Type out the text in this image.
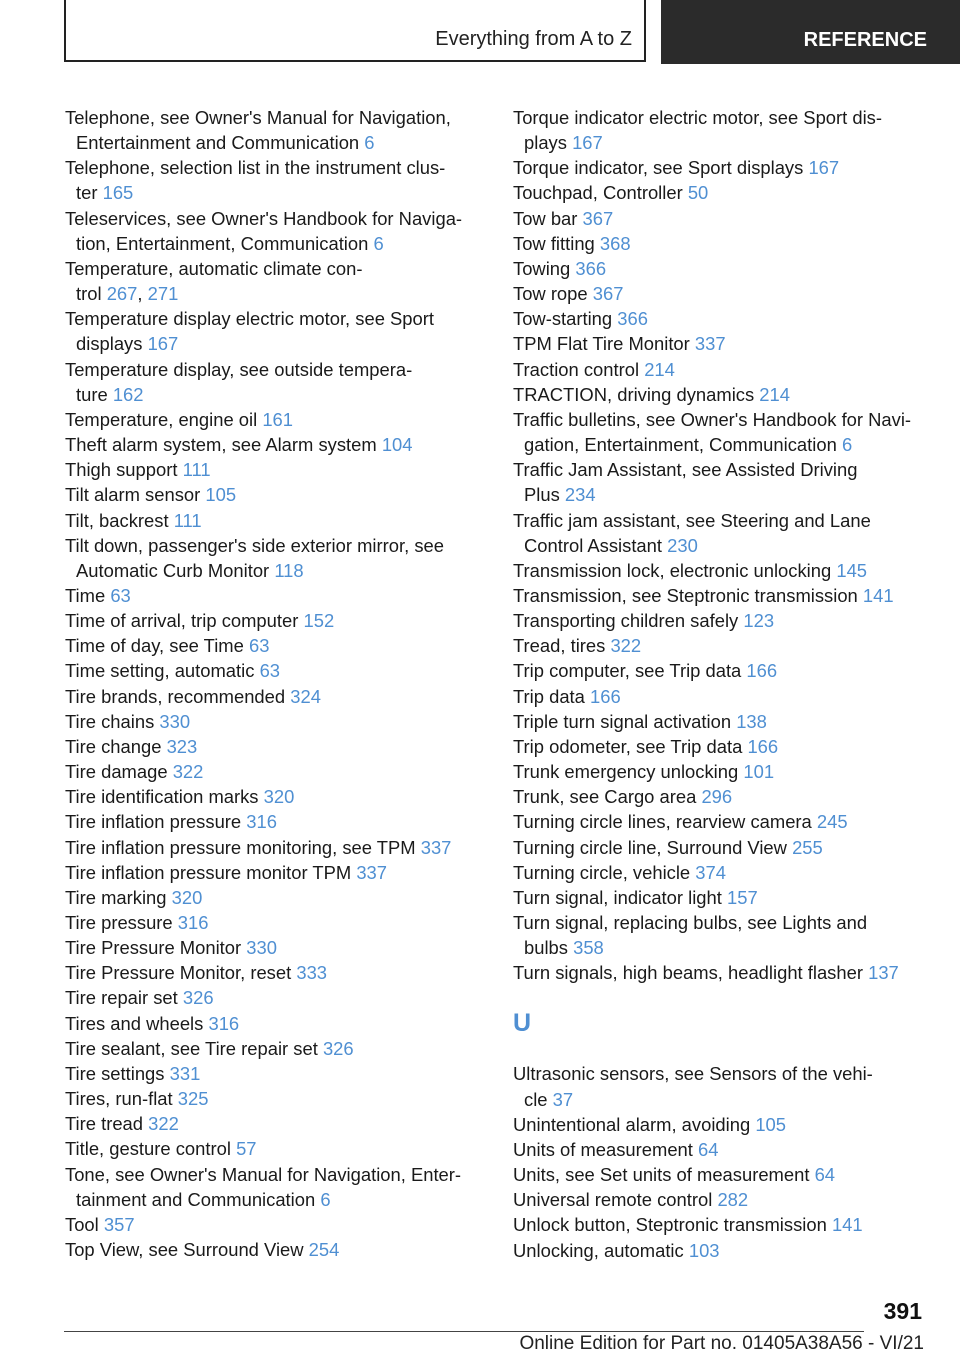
Everything from A to Z	REFERENCE
Telephone, see Owner's Manual for Navigation,
Entertainment and Communication 6
Telephone, selection list in the instrument clus-
ter 165
Teleservices, see Owner's Handbook for Naviga-
tion, Entertainment, Communication 6
Temperature, automatic climate con-
trol 267, 271
Temperature display electric motor, see Sport
displays 167
Temperature display, see outside tempera-
ture 162
Temperature, engine oil 161
Theft alarm system, see Alarm system 104
Thigh support 111
Tilt alarm sensor 105
Tilt, backrest 111
Tilt down, passenger's side exterior mirror, see
Automatic Curb Monitor 118
Time 63
Time of arrival, trip computer 152
Time of day, see Time 63
Time setting, automatic 63
Tire brands, recommended 324
Tire chains 330
Tire change 323
Tire damage 322
Tire identification marks 320
Tire inflation pressure 316
Tire inflation pressure monitoring, see TPM 337
Tire inflation pressure monitor TPM 337
Tire marking 320
Tire pressure 316
Tire Pressure Monitor 330
Tire Pressure Monitor, reset 333
Tire repair set 326
Tires and wheels 316
Tire sealant, see Tire repair set 326
Tire settings 331
Tires, run-flat 325
Tire tread 322
Title, gesture control 57
Tone, see Owner's Manual for Navigation, Enter-
tainment and Communication 6
Tool 357
Top View, see Surround View 254
Torque indicator electric motor, see Sport dis-
plays 167
Torque indicator, see Sport displays 167
Touchpad, Controller 50
Tow bar 367
Tow fitting 368
Towing 366
Tow rope 367
Tow-starting 366
TPM Flat Tire Monitor 337
Traction control 214
TRACTION, driving dynamics 214
Traffic bulletins, see Owner's Handbook for Navi-
gation, Entertainment, Communication 6
Traffic Jam Assistant, see Assisted Driving
Plus 234
Traffic jam assistant, see Steering and Lane
Control Assistant 230
Transmission lock, electronic unlocking 145
Transmission, see Steptronic transmission 141
Transporting children safely 123
Tread, tires 322
Trip computer, see Trip data 166
Trip data 166
Triple turn signal activation 138
Trip odometer, see Trip data 166
Trunk emergency unlocking 101
Trunk, see Cargo area 296
Turning circle lines, rearview camera 245
Turning circle line, Surround View 255
Turning circle, vehicle 374
Turn signal, indicator light 157
Turn signal, replacing bulbs, see Lights and
bulbs 358
Turn signals, high beams, headlight flasher 137
U
Ultrasonic sensors, see Sensors of the vehi-
cle 37
Unintentional alarm, avoiding 105
Units of measurement 64
Units, see Set units of measurement 64
Universal remote control 282
Unlock button, Steptronic transmission 141
Unlocking, automatic 103
391
Online Edition for Part no. 01405A38A56 - VI/21
